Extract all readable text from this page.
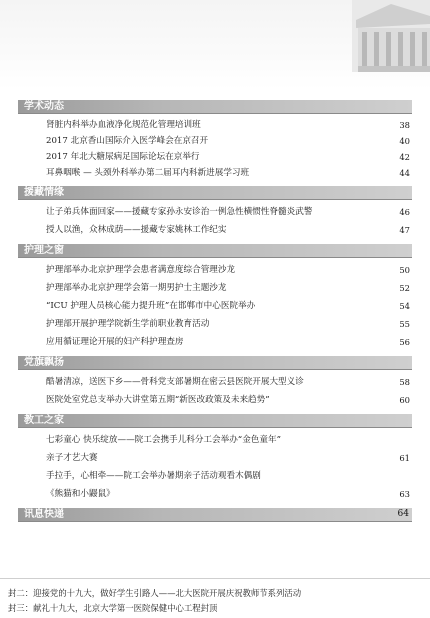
学术动态
肾脏内科举办血液净化规范化管理培训班	38
2017 北京香山国际介入医学峰会在京召开	40
2017 年北大糖尿病足国际论坛在京举行	42
耳鼻咽喉 — 头颈外科举办第二届耳内科新进展学习班	44
援藏情缘
让子弟兵体面回家——援藏专家孙永安诊治一例急性横惯性脊髓炎武警	46
授人以渔，众林成荫——援藏专家姚林工作纪实	47
护理之窗
护理部举办北京护理学会患者满意度综合管理沙龙	50
护理部举办北京护理学会第一期男护士主题沙龙	52
“ICU 护理人员核心能力提升班”在邯郸市中心医院举办	54
护理部开展护理学院新生学前职业教育活动	55
应用循证理论开展的妇产科护理查房	56
党旗飘扬
酷暑清凉，送医下乡——骨科党支部暑期在密云县医院开展大型义诊	58
医院处室党总支举办大讲堂第五期“新医改政策及未来趋势”	60
教工之家
七彩童心 快乐绽放——院工会携手儿科分工会举办“金色童年”
亲子才艺大赛	61
手拉手，心相牵——院工会举办暑期亲子活动观看木偶剧
《熊猫和小鼹鼠》	63
讯息快递	64
封二：迎接党的十九大，做好学生引路人——北大医院开展庆祝教师节系列活动
封三：献礼十九大，北京大学第一医院保健中心工程封顶
